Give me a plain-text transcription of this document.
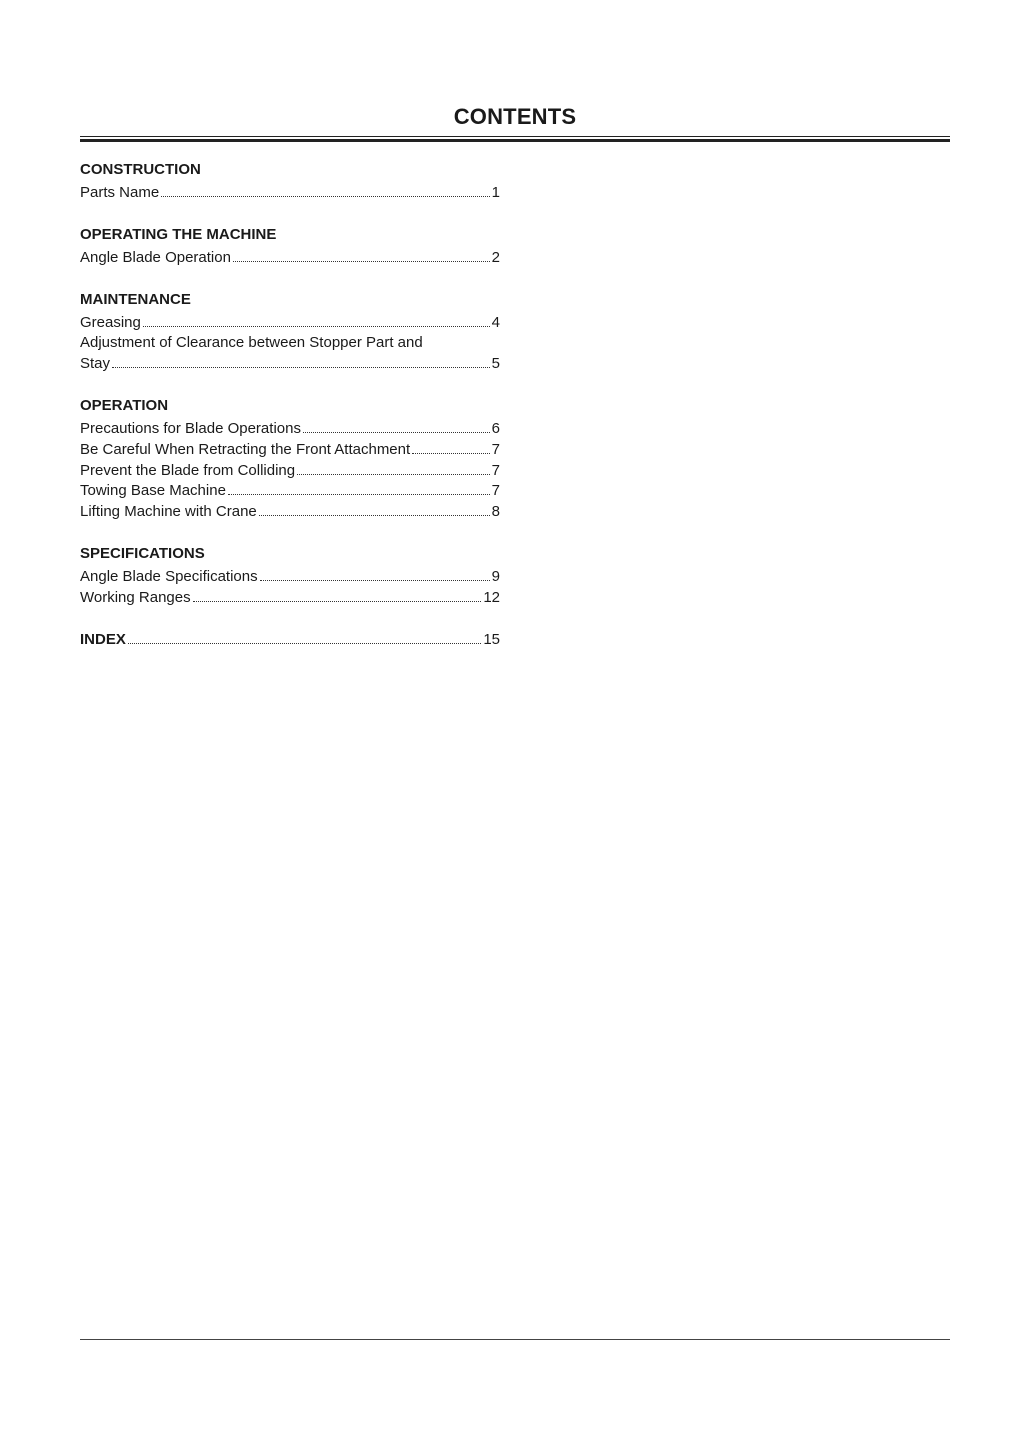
CONTENTS
CONSTRUCTION
Parts Name	1
OPERATING THE MACHINE
Angle Blade Operation	2
MAINTENANCE
Greasing	4
Adjustment of Clearance between Stopper Part and
Stay	5
OPERATION
Precautions for Blade Operations	6
Be Careful When Retracting the Front Attachment	7
Prevent the Blade from Colliding	7
Towing Base Machine	7
Lifting Machine with Crane	8
SPECIFICATIONS
Angle Blade Specifications	9
Working Ranges	12
INDEX	15
